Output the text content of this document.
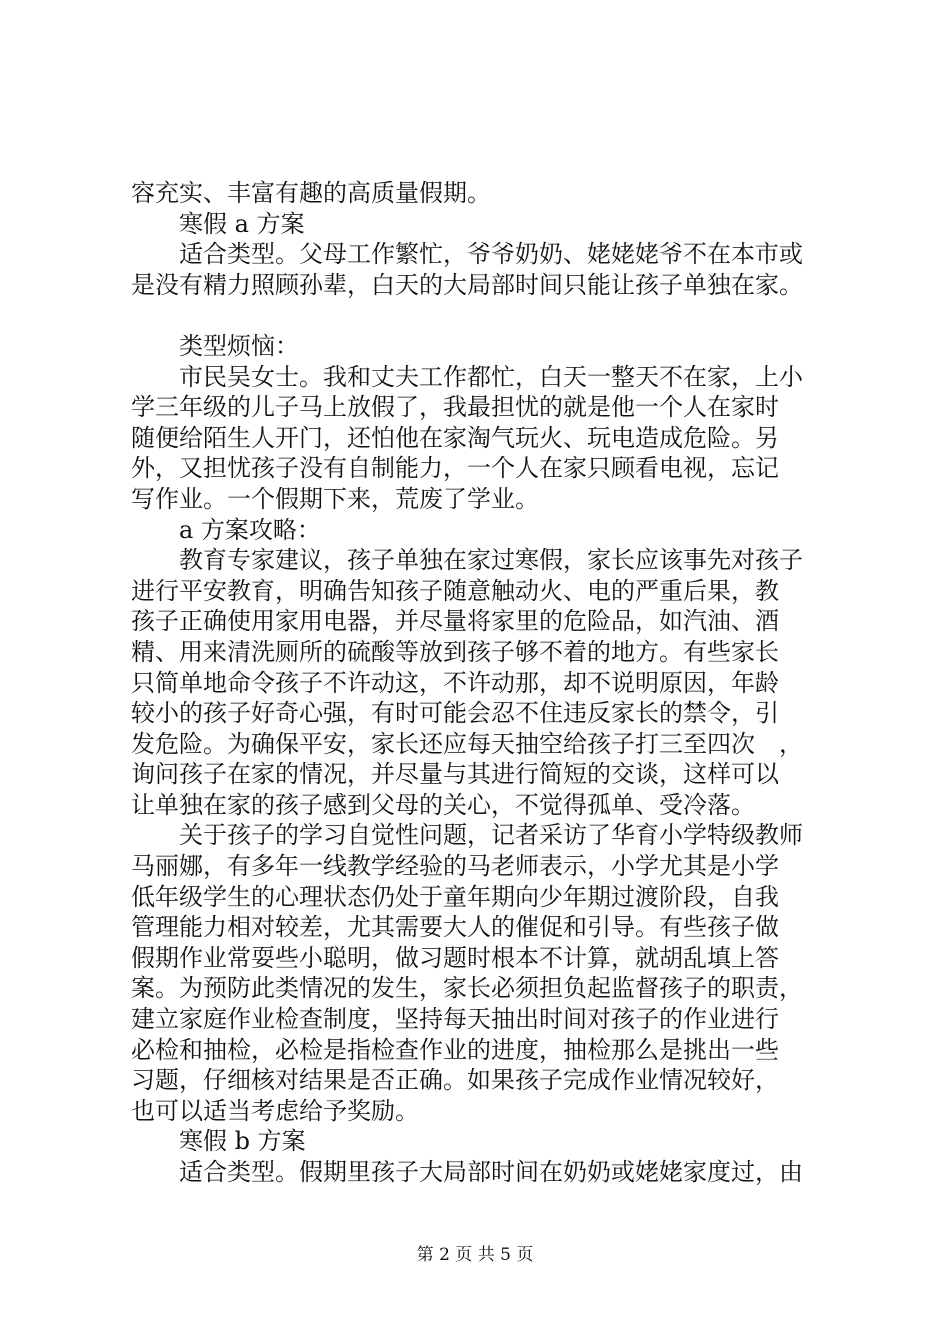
容充实、丰富有趣的高质量假期。
寒假 a 方案
适合类型。父母工作繁忙，爷爷奶奶、姥姥姥爷不在本市或
是没有精力照顾孙辈，白天的大局部时间只能让孩子单独在家。
类型烦恼：
市民吴女士。我和丈夫工作都忙，白天一整天不在家，上小
学三年级的儿子马上放假了，我最担忧的就是他一个人在家时
随便给陌生人开门，还怕他在家淘气玩火、玩电造成危险。另
外，又担忧孩子没有自制能力，一个人在家只顾看电视，忘记
写作业。一个假期下来，荒废了学业。
a 方案攻略：
教育专家建议，孩子单独在家过寒假，家长应该事先对孩子
进行平安教育，明确告知孩子随意触动火、电的严重后果，教
孩子正确使用家用电器，并尽量将家里的危险品，如汽油、酒
精、用来清洗厕所的硫酸等放到孩子够不着的地方。有些家长
只简单地命令孩子不许动这，不许动那，却不说明原因，年龄
较小的孩子好奇心强，有时可能会忍不住违反家长的禁令，引
发危险。为确保平安，家长还应每天抽空给孩子打三至四次　，
询问孩子在家的情况，并尽量与其进行简短的交谈，这样可以
让单独在家的孩子感到父母的关心，不觉得孤单、受冷落。
关于孩子的学习自觉性问题，记者采访了华育小学特级教师
马丽娜，有多年一线教学经验的马老师表示，小学尤其是小学
低年级学生的心理状态仍处于童年期向少年期过渡阶段，自我
管理能力相对较差，尤其需要大人的催促和引导。有些孩子做
假期作业常耍些小聪明，做习题时根本不计算，就胡乱填上答
案。为预防此类情况的发生，家长必须担负起监督孩子的职责，
建立家庭作业检查制度，坚持每天抽出时间对孩子的作业进行
必检和抽检，必检是指检查作业的进度，抽检那么是挑出一些
习题，仔细核对结果是否正确。如果孩子完成作业情况较好，
也可以适当考虑给予奖励。
寒假 b 方案
适合类型。假期里孩子大局部时间在奶奶或姥姥家度过，由
第 2 页 共 5 页
